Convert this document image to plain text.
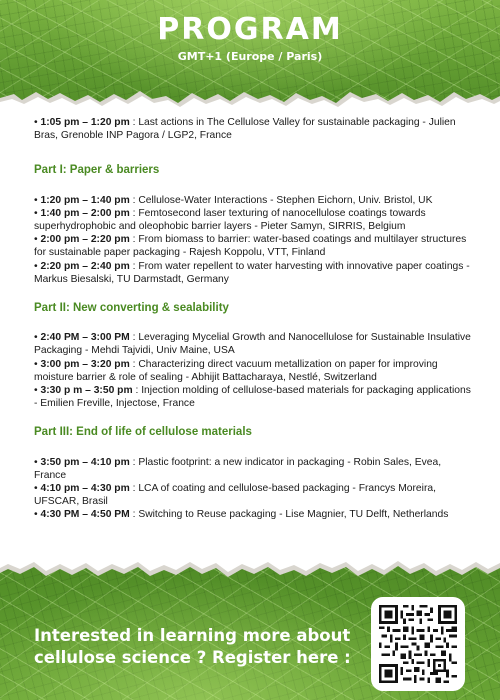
PROGRAM
GMT+1 (Europe / Paris)

• 1:05 pm – 1:20 pm : Last actions in The Cellulose Valley for sustainable packaging - Julien Bras, Grenoble INP Pagora / LGP2, France

Part I: Paper & barriers

• 1:20 pm – 1:40 pm : Cellulose-Water Interactions - Stephen Eichorn, Univ. Bristol, UK

• 1:40 pm – 2:00 pm : Femtosecond laser texturing of nanocellulose coatings towards superhydrophobic and oleophobic barrier layers - Pieter Samyn, SIRRIS, Belgium

• 2:00 pm – 2:20 pm : From biomass to barrier: water-based coatings and multilayer structures for sustainable paper packaging - Rajesh Koppolu, VTT, Finland

• 2:20 pm – 2:40 pm : From water repellent to water harvesting with innovative paper coatings - Markus Biesalski, TU Darmstadt, Germany

Part II: New converting & sealability

• 2:40 PM – 3:00 PM : Leveraging Mycelial Growth and Nanocellulose for Sustainable Insulative Packaging - Mehdi Tajvidi, Univ Maine, USA

• 3:00 pm – 3:20 pm : Characterizing direct vacuum metallization on paper for improving moisture barrier & role of sealing - Abhijit Battacharaya, Nestlé, Switzerland

• 3:30 p m – 3:50 pm : Injection molding of cellulose-based materials for packaging applications - Emilien Freville, Injectose, France

Part III: End of life of cellulose materials

• 3:50 pm – 4:10 pm : Plastic footprint: a new indicator in packaging - Robin Sales, Evea, France

• 4:10 pm – 4:30 pm : LCA of coating and cellulose-based packaging - Francys Moreira, UFSCAR, Brasil

• 4:30 PM – 4:50 PM : Switching to Reuse packaging - Lise Magnier, TU Delft, Netherlands

Interested in learning more about cellulose science ? Register here :
